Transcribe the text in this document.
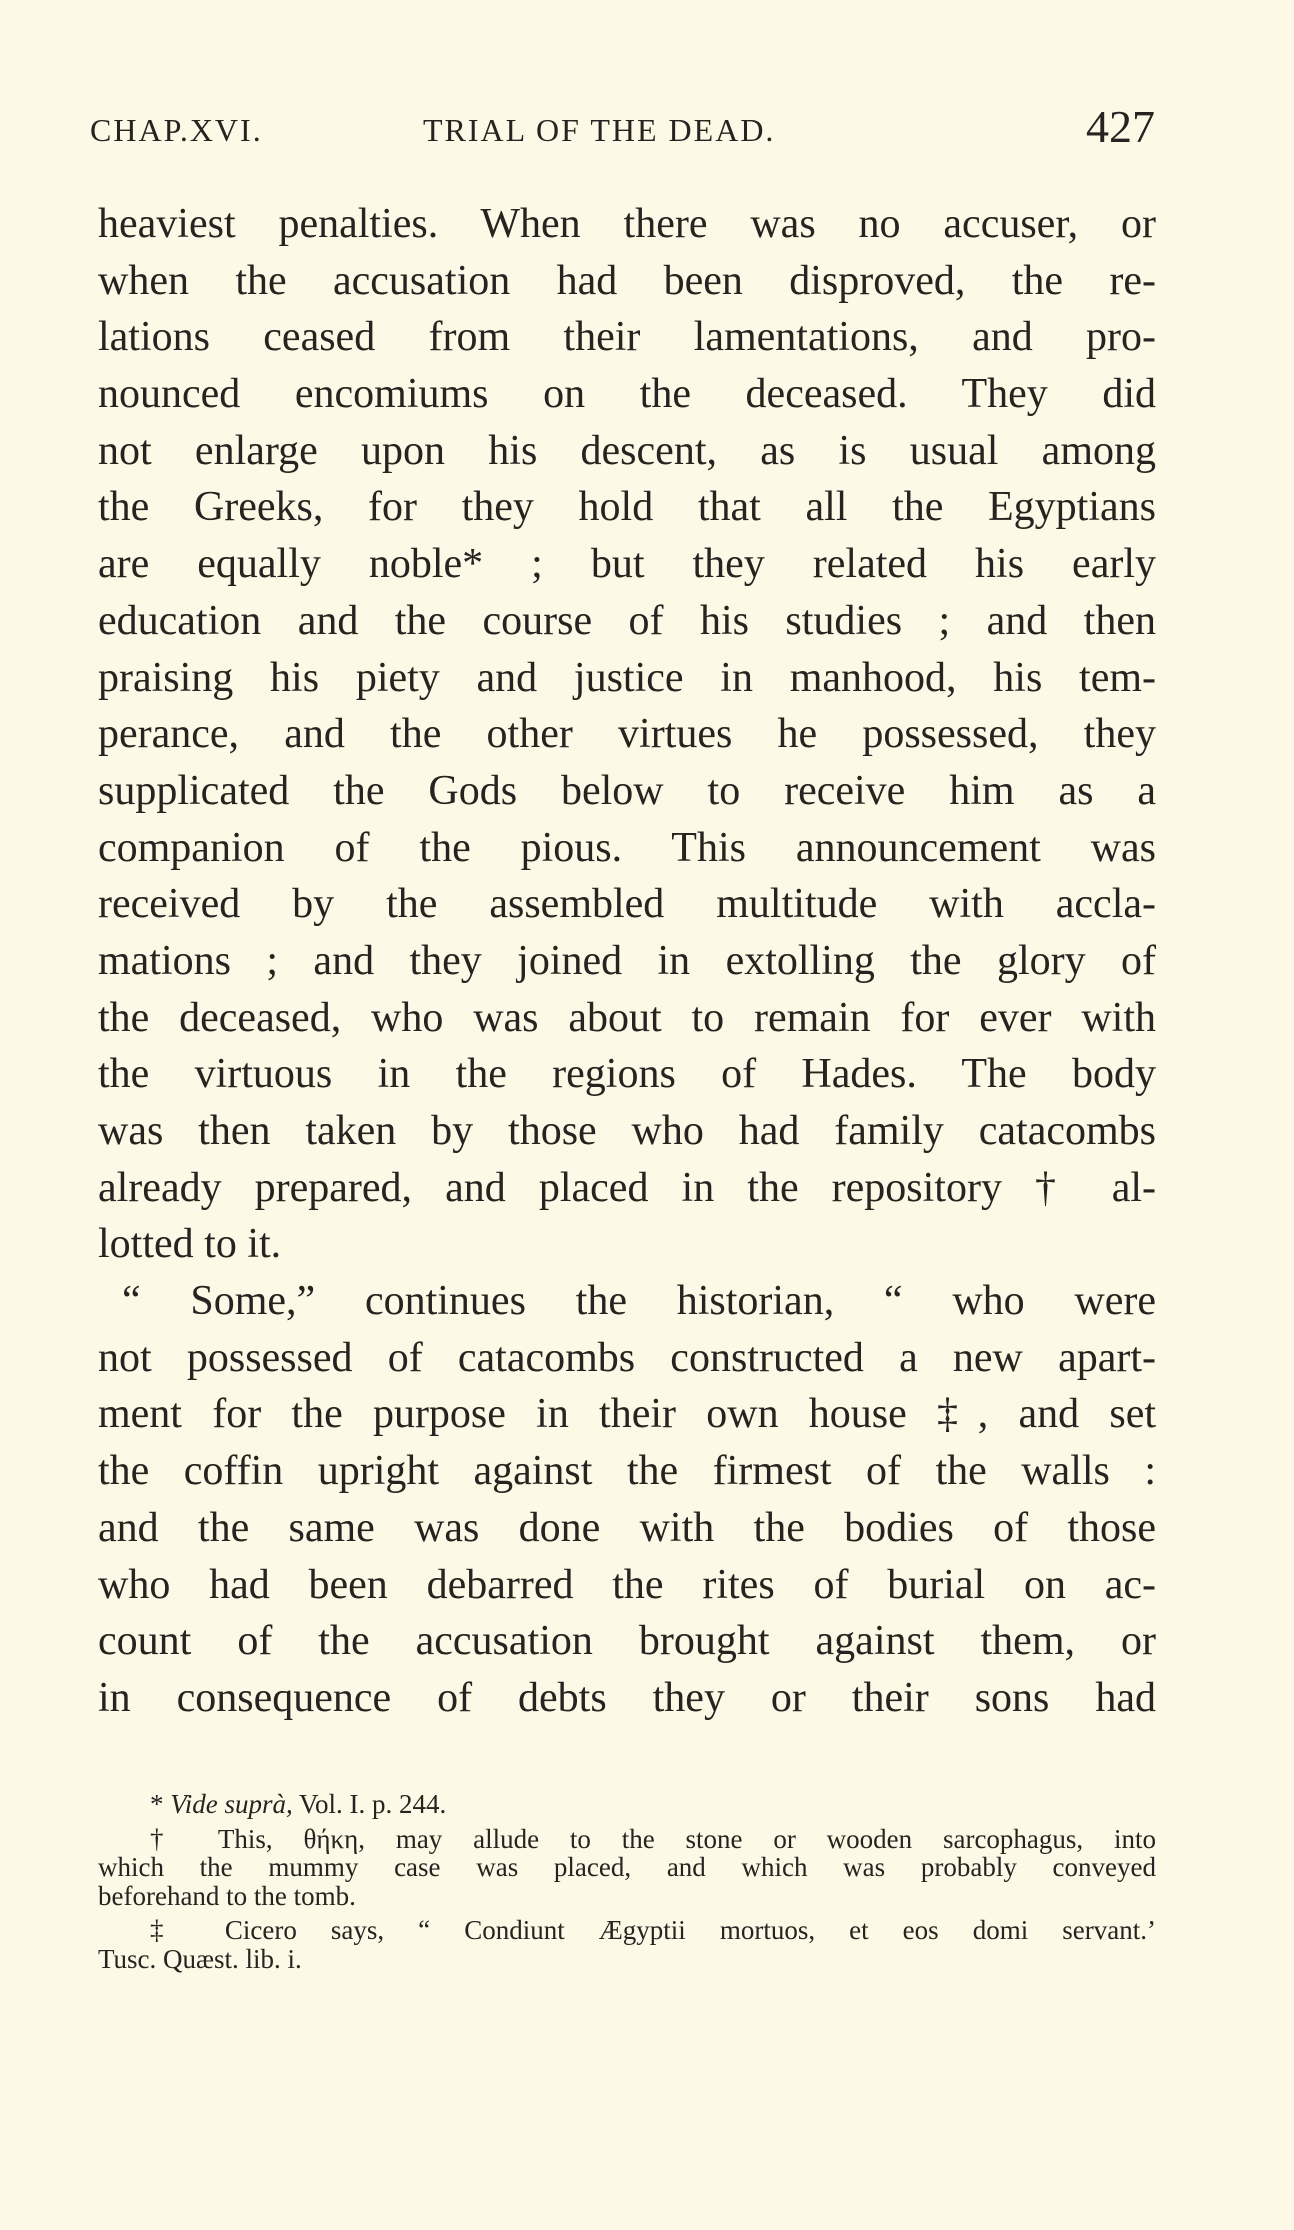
CHAP.XVI.	TRIAL OF THE DEAD.	427
heaviest penalties. When there was no accuser, or
when the accusation had been disproved, the re-
lations ceased from their lamentations, and pro-
nounced encomiums on the deceased. They did
not enlarge upon his descent, as is usual among
the Greeks, for they hold that all the Egyptians
are equally noble* ; but they related his early
education and the course of his studies ; and then
praising his piety and justice in manhood, his tem-
perance, and the other virtues he possessed, they
supplicated the Gods below to receive him as a
companion of the pious. This announcement was
received by the assembled multitude with accla-
mations ; and they joined in extolling the glory of
the deceased, who was about to remain for ever with
the virtuous in the regions of Hades. The body
was then taken by those who had family catacombs
already prepared, and placed in the repository † al-
lotted to it.
“ Some,” continues the historian, “ who were
not possessed of catacombs constructed a new apart-
ment for the purpose in their own house ‡, and set
the coffin upright against the firmest of the walls :
and the same was done with the bodies of those
who had been debarred the rites of burial on ac-
count of the accusation brought against them, or
in consequence of debts they or their sons had
* Vide suprà, Vol. I. p. 244.
† This, θήκη, may allude to the stone or wooden sarcophagus, into
which the mummy case was placed, and which was probably conveyed
beforehand to the tomb.
‡ Cicero says, “ Condiunt Ægyptii mortuos, et eos domi servant.’
Tusc. Quæst. lib. i.
